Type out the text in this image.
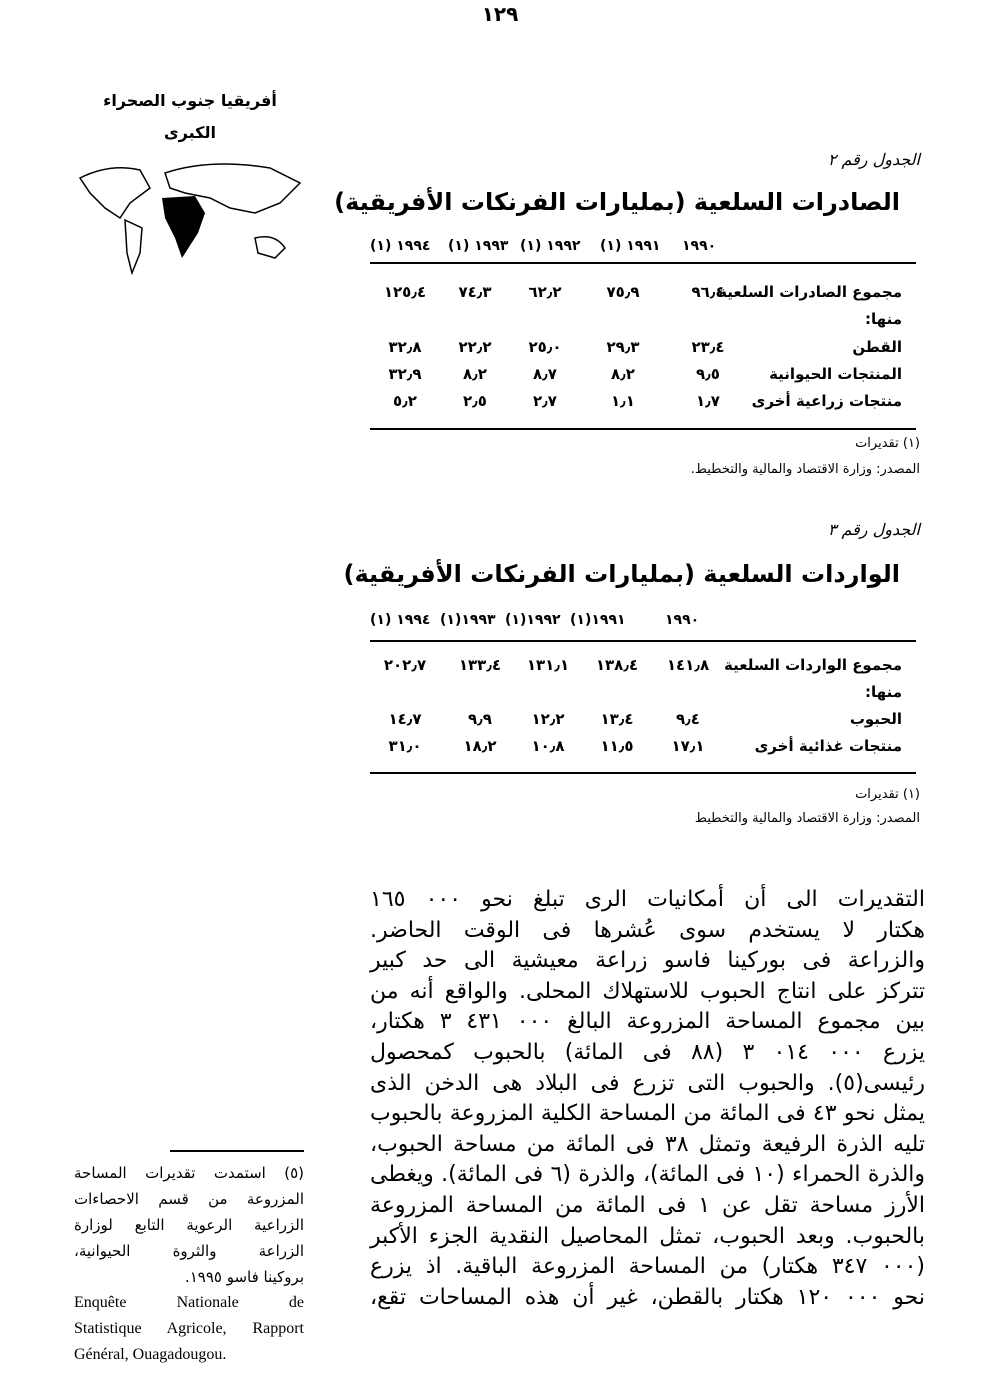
١٢٩
أفريقيا جنوب الصحراء
الكبرى
الجدول رقم ٢
الصادرات السلعية (بمليارات الفرنكات الأفريقية)
١٩٩٠
١٩٩١ (١)
١٩٩٢ (١)
١٩٩٣ (١)
١٩٩٤ (١)
مجموع الصادرات السلعية
٩٦٫٤
٧٥٫٩
٦٢٫٢
٧٤٫٣
١٢٥٫٤
منها:
القطن
٢٣٫٤
٢٩٫٣
٢٥٫٠
٢٢٫٢
٣٢٫٨
المنتجات الحيوانية
٩٫٥
٨٫٢
٨٫٧
٨٫٢
٣٢٫٩
منتجات زراعية أخرى
١٫٧
١٫١
٢٫٧
٢٫٥
٥٫٢
(١) تقديرات
المصدر: وزارة الاقتصاد والمالية والتخطيط.
الجدول رقم ٣
الواردات السلعية (بمليارات الفرنكات الأفريقية)
١٩٩٠
١٩٩١(١)
١٩٩٢(١)
١٩٩٣(١)
١٩٩٤ (١)
مجموع الواردات السلعية
١٤١٫٨
١٣٨٫٤
١٣١٫١
١٣٣٫٤
٢٠٢٫٧
منها:
الحبوب
٩٫٤
١٣٫٤
١٢٫٢
٩٫٩
١٤٫٧
منتجات غذائية أخرى
١٧٫١
١١٫٥
١٠٫٨
١٨٫٢
٣١٫٠
(١) تقديرات
المصدر: وزارة الاقتصاد والمالية والتخطيط
التقديرات الى أن أمكانيات الرى تبلغ نحو ٠٠٠ ١٦٥
هكتار لا يستخدم سوى عُشرها فى الوقت الحاضر.
والزراعة فى بوركينا فاسو زراعة معيشية الى حد كبير
تتركز على انتاج الحبوب للاستهلاك المحلى. والواقع أنه من
بين مجموع المساحة المزروعة البالغ ٠٠٠ ٤٣١ ٣ هكتار،
يزرع ٠٠٠ ٠١٤ ٣ (٨٨ فى المائة) بالحبوب كمحصول
رئيسى(٥). والحبوب التى تزرع فى البلاد هى الدخن الذى
يمثل نحو ٤٣ فى المائة من المساحة الكلية المزروعة بالحبوب
تليه الذرة الرفيعة وتمثل ٣٨ فى المائة من مساحة الحبوب،
والذرة الحمراء (١٠ فى المائة)، والذرة (٦ فى المائة). ويغطى
الأرز مساحة تقل عن ١ فى المائة من المساحة المزروعة
بالحبوب. وبعد الحبوب، تمثل المحاصيل النقدية الجزء الأكبر
(٠٠٠ ٣٤٧ هكتار) من المساحة المزروعة الباقية. اذ يزرع
نحو ٠٠٠ ١٢٠ هكتار بالقطن، غير أن هذه المساحات تقع،
(٥) استمدت تقديرات المساحة
المزروعة من قسم الاحصاءات
الزراعية الرعوية التابع لوزارة
الزراعة والثروة الحيوانية،
بروكينا فاسو ١٩٩٥.
Enquête Nationale de
Statistique Agricole, Rapport
Général, Ouagadougou.
